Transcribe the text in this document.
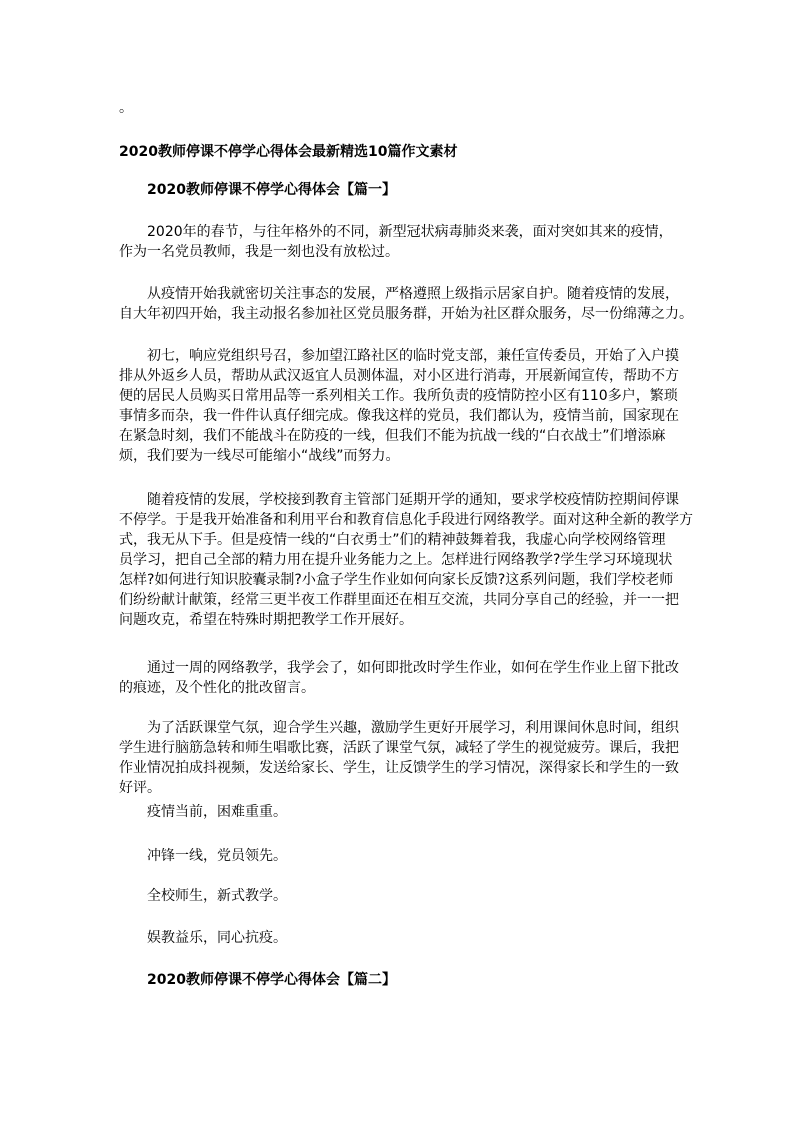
。
2020教师停课不停学心得体会最新精选10篇作文素材
2020教师停课不停学心得体会【篇一】
2020年的春节，与往年格外的不同，新型冠状病毒肺炎来袭，面对突如其来的疫情，
作为一名党员教师，我是一刻也没有放松过。
从疫情开始我就密切关注事态的发展，严格遵照上级指示居家自护。随着疫情的发展，
自大年初四开始，我主动报名参加社区党员服务群，开始为社区群众服务，尽一份绵薄之力。
初七，响应党组织号召，参加望江路社区的临时党支部，兼任宣传委员，开始了入户摸
排从外返乡人员，帮助从武汉返宜人员测体温，对小区进行消毒，开展新闻宣传，帮助不方
便的居民人员购买日常用品等一系列相关工作。我所负责的疫情防控小区有110多户，繁琐
事情多而杂，我一件件认真仔细完成。像我这样的党员，我们都认为，疫情当前，国家现在
在紧急时刻，我们不能战斗在防疫的一线，但我们不能为抗战一线的“白衣战士”们增添麻
烦，我们要为一线尽可能缩小“战线”而努力。
随着疫情的发展，学校接到教育主管部门延期开学的通知，要求学校疫情防控期间停课
不停学。于是我开始准备和利用平台和教育信息化手段进行网络教学。面对这种全新的教学方
式，我无从下手。但是疫情一线的“白衣勇士”们的精神鼓舞着我，我虚心向学校网络管理
员学习，把自己全部的精力用在提升业务能力之上。怎样进行网络教学?学生学习环境现状
怎样?如何进行知识胶囊录制?小盒子学生作业如何向家长反馈?这系列问题，我们学校老师
们纷纷献计献策，经常三更半夜工作群里面还在相互交流，共同分享自己的经验，并一一把
问题攻克，希望在特殊时期把教学工作开展好。
通过一周的网络教学，我学会了，如何即批改时学生作业，如何在学生作业上留下批改
的痕迹，及个性化的批改留言。
为了活跃课堂气氛，迎合学生兴趣，激励学生更好开展学习，利用课间休息时间，组织
学生进行脑筋急转和师生唱歌比赛，活跃了课堂气氛，减轻了学生的视觉疲劳。课后，我把
作业情况拍成抖视频，发送给家长、学生，让反馈学生的学习情况，深得家长和学生的一致
好评。
疫情当前，困难重重。
冲锋一线，党员领先。
全校师生，新式教学。
娱教益乐，同心抗疫。
2020教师停课不停学心得体会【篇二】
